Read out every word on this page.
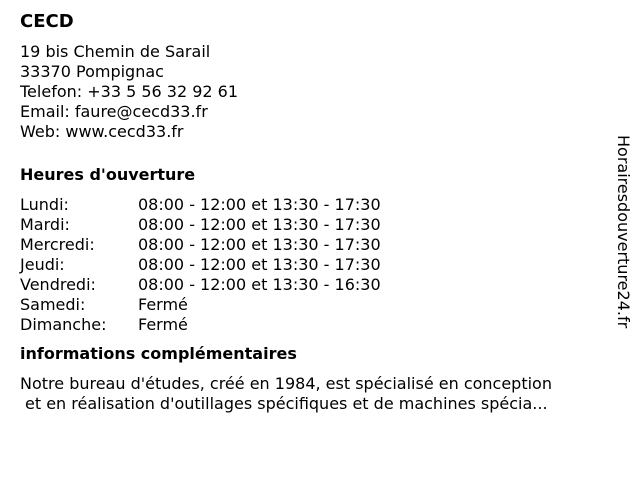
CECD
19 bis Chemin de Sarail
33370 Pompignac
Telefon: +33 5 56 32 92 61
Email: faure@cecd33.fr
Web: www.cecd33.fr
Heures d'ouverture
Lundi:	08:00 - 12:00 et 13:30 - 17:30
Mardi:	08:00 - 12:00 et 13:30 - 17:30
Mercredi:	08:00 - 12:00 et 13:30 - 17:30
Jeudi:	08:00 - 12:00 et 13:30 - 17:30
Vendredi:	08:00 - 12:00 et 13:30 - 16:30
Samedi:	Fermé
Dimanche:	Fermé
informations complémentaires
Notre bureau d'études, créé en 1984, est spécialisé en conception
et en réalisation d'outillages spécifiques et de machines spécia...
Horairesdouverture24.fr
